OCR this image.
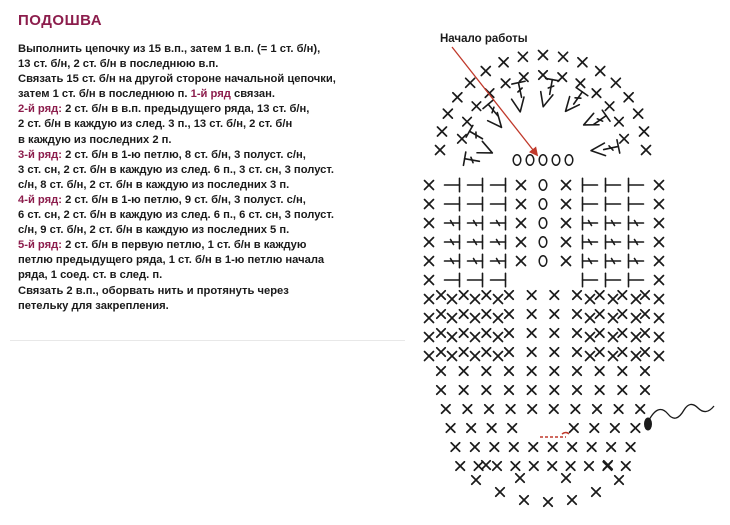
ПОДОШВА
Выполнить цепочку из 15 в.п., затем 1 в.п. (= 1 ст. б/н),
13 ст. б/н, 2 ст. б/н в последнюю в.п.
Связать 15 ст. б/н на другой стороне начальной цепочки,
затем 1 ст. б/н в последнюю п. 1-й ряд связан.
2-й ряд: 2 ст. б/н в в.п. предыдущего ряда, 13 ст. б/н,
2 ст. б/н в каждую из след. 3 п., 13 ст. б/н, 2 ст. б/н
в каждую из последних 2 п.
3-й ряд: 2 ст. б/н в 1-ю петлю, 8 ст. б/н, 3 полуст. с/н,
3 ст. сн, 2 ст. б/н в каждую из след. 6 п., 3 ст. сн, 3 полуст.
с/н, 8 ст. б/н, 2 ст. б/н в каждую из последних 3 п.
4-й ряд: 2 ст. б/н в 1-ю петлю, 9 ст. б/н, 3 полуст. с/н,
6 ст. сн, 2 ст. б/н в каждую из след. 6 п., 6 ст. сн, 3 полуст.
с/н, 9 ст. б/н, 2 ст. б/н в каждую из последних 5 п.
5-й ряд: 2 ст. б/н в первую петлю, 1 ст. б/н в каждую
петлю предыдущего ряда, 1 ст. б/н в 1-ю петлю начала
ряда, 1 соед. ст. в след. п.
Связать 2 в.п., оборвать нить и протянуть через
петельку для закрепления.
Начало работы
